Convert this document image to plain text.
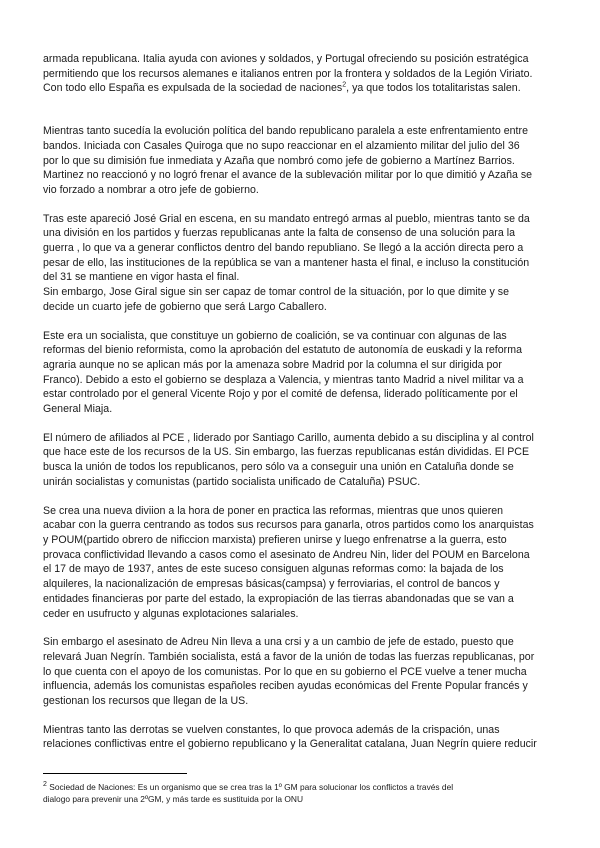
armada republicana. Italia ayuda con aviones y soldados, y Portugal ofreciendo su posición estratégica
permitiendo que los recursos alemanes e italianos entren por la frontera y soldados de la Legión Viriato.
Con todo ello España es expulsada de la sociedad de naciones$^2$, ya que todos los totalitaristas salen.

Mientras tanto sucedía la evolución política del bando republicano paralela a este enfrentamiento entre
bandos. Iniciada con Casales Quiroga que no supo reaccionar en el alzamiento militar del julio del 36
por lo que su dimisión fue inmediata y Azaña que nombró como jefe de gobierno a Martínez Barrios.
Martinez no reaccionó y no logró frenar el avance de la sublevación militar por lo que dimitió y Azaña se
vio forzado a nombrar a otro jefe de gobierno.

Tras este apareció José Grial en escena, en su mandato entregó armas al pueblo, mientras tanto se da
una división en los partidos y fuerzas republicanas ante la falta de consenso de una solución para la
guerra , lo que va a generar conflictos dentro del bando republiano. Se llegó a la acción directa pero a
pesar de ello, las instituciones de la república se van a mantener hasta el final, e incluso la constitución
del 31 se mantiene en vigor hasta el final.

Sin embargo, Jose Giral sigue sin ser capaz de tomar control de la situación, por lo que dimite y se
decide un cuarto jefe de gobierno que será Largo Caballero.

Este era un socialista, que constituye un gobierno de coalición, se va continuar con algunas de las
reformas del bienio reformista, como la aprobación del estatuto de autonomía de euskadi y la reforma
agraria aunque no se aplican más por la amenaza sobre Madrid por la columna el sur dirigida por
Franco). Debido a esto el gobierno se desplaza a Valencia, y mientras tanto Madrid a nivel militar va a
estar controlado por el general Vicente Rojo y por el comité de defensa, liderado políticamente por el
General Miaja.

El número de afiliados al PCE , liderado por Santiago Carillo, aumenta debido a su disciplina y al control
que hace este de los recursos de la US. Sin embargo, las fuerzas republicanas están divididas. El PCE
busca la unión de todos los republicanos, pero sólo va a conseguir una unión en Cataluña donde se
unirán socialistas y comunistas (partido socialista unificado de Cataluña) PSUC.

Se crea una nueva diviion a la hora de poner en practica las reformas, mientras que unos quieren
acabar con la guerra centrando as todos sus recursos para ganarla, otros partidos como los anarquistas
y POUM(partido obrero de nificcion marxista) prefieren unirse y luego enfrenatrse a la guerra, esto
provaca conflictividad llevando a casos como el asesinato de Andreu Nin, lider del POUM en Barcelona
el 17 de mayo de 1937, antes de este suceso consiguen algunas reformas como: la bajada de los
alquileres, la nacionalización de empresas básicas(campsa) y ferroviarias, el control de bancos y
entidades financieras por parte del estado, la expropiación de las tierras abandonadas que se van a
ceder en usufructo y algunas explotaciones salariales.

Sin embargo el asesinato de Adreu Nin lleva a una crsi y a un cambio de jefe de estado, puesto que
relevará Juan Negrín. También socialista, está a favor de la unión de todas las fuerzas republicanas, por
lo que cuenta con el apoyo de los comunistas. Por lo que en su gobierno el PCE vuelve a tener mucha
influencia, además los comunistas españoles reciben ayudas económicas del Frente Popular francés y
gestionan los recursos que llegan de la US.

Mientras tanto las derrotas se vuelven constantes, lo que provoca además de la crispación, unas
relaciones conflictivas entre el gobierno republicano y la Generalitat catalana, Juan Negrín quiere reducir

$^2$ Sociedad de Naciones: Es un organismo que se crea tras la 1º GM para solucionar los conflictos a través del
dialogo para prevenir una 2ºGM, y más tarde es sustituida por la ONU
